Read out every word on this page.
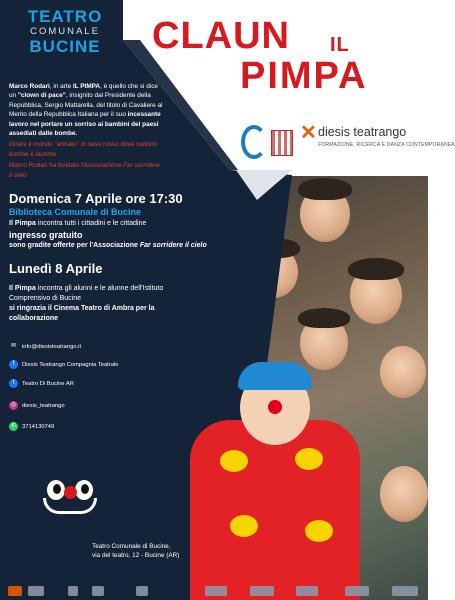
TEATRO
COMUNALE
BUCINE	CLAUN IL
PIMPA
✕ diesis teatrango
FORMAZIONE, RICERCA E DANZA CONTEMPORANEA

Marco Rodari, in arte IL PIMPA, è quello che si dice un "clown di pace", insignito dal Presidente della Repubblica, Sergio Mattarella, del titolo di Cavaliere al Merito della Repubblica Italiana per il suo incessante lavoro nel portare un sorriso ai bambini dei paesi assediati dalle bombe.

Girare il mondo "armato" di naso rosso dove cadono bombe e lacrime.

Marco Rodari ha fondato l'Associazione Far sorridere il cielo

Domenica 7 Aprile ore 17:30
Biblioteca Comunale di Bucine
Il Pimpa incontra tutti i cittadini e le cittadine
ingresso gratuito
sono gradite offerte per l'Associazione Far sorridere il cielo
Lunedì 8 Aprile
Il Pimpa incontra gli alunni e le alunne dell'Istituto Comprensivo di Bucine
si ringrazia il Cinema Teatro di Ambra per la collaborazione
✉ info@diesisteatrango.it
f Diesis Teatrango Compagnia Teatrale
f Teatro Di Bucine AR
◎ diesis_teatrango
✆ 3714130749
Teatro Comunale di Bucine,
via del teatro, 12 - Bucine (AR)
